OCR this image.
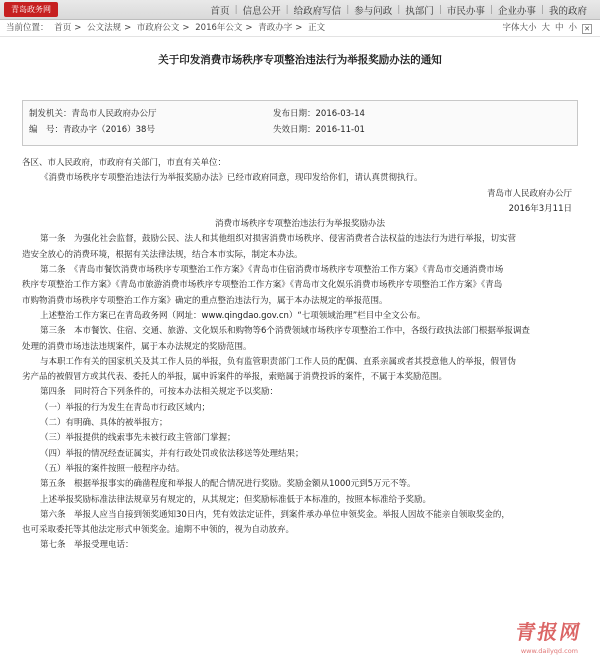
青岛政务网	首页 | 信息公开 | 给政府写信 | 参与问政 | 执部门 | 市民办事 | 企业办事 | 我的政府
当前位置： 首页 > 公文法规 > 市政府公文 > 2016年公文 > 青政办字 > 正文	字体大小 大 中 小 ✕
关于印发消费市场秩序专项整治违法行为举报奖励办法的通知
制发机关：青岛市人民政府办公厅	发布日期：2016-03-14
编　号：青政办字（2016）38号	失效日期：2016-11-01

各区、市人民政府，市政府有关部门，市直有关单位：

《消费市场秩序专项整治违法行为举报奖励办法》已经市政府同意，现印发给你们，请认真贯彻执行。

青岛市人民政府办公厅

2016年3月11日

消费市场秩序专项整治违法行为举报奖励办法

第一条　为强化社会监督，鼓励公民、法人和其他组织对损害消费市场秩序、侵害消费者合法权益的违法行为进行举报，切实营

造安全放心的消费环境，根据有关法律法规，结合本市实际，制定本办法。

第二条　《青岛市餐饮消费市场秩序专项整治工作方案》《青岛市住宿消费市场秩序专项整治工作方案》《青岛市交通消费市场

秩序专项整治工作方案》《青岛市旅游消费市场秩序专项整治工作方案》《青岛市文化娱乐消费市场秩序专项整治工作方案》《青岛

市购物消费市场秩序专项整治工作方案》确定的重点整治违法行为，属于本办法规定的举报范围。

上述整治工作方案已在青岛政务网（网址：www.qingdao.gov.cn）“七项领域治理”栏目中全文公布。

第三条　本市餐饮、住宿、交通、旅游、文化娱乐和购物等6个消费领域市场秩序专项整治工作中，各级行政执法部门根据举报调查

处理的消费市场违法违规案件，属于本办法规定的奖励范围。

与本职工作有关的国家机关及其工作人员的举报，负有监管职责部门工作人员的配偶、直系亲属或者其授意他人的举报，假冒伪

劣产品的被假冒方或其代表、委托人的举报，属申诉案件的举报，索赔属于消费投诉的案件，不属于本奖励范围。

第四条　同时符合下列条件的，可按本办法相关规定予以奖励：

（一）举报的行为发生在青岛市行政区域内；

（二）有明确、具体的被举报方；

（三）举报提供的线索事先未被行政主管部门掌握；

（四）举报的情况经查证属实，并有行政处罚或依法移送等处理结果；

（五）举报的案件按照一般程序办结。

第五条　根据举报事实的确凿程度和举报人的配合情况进行奖励。奖励金额从1000元到5万元不等。

上述举报奖励标准法律法规章另有规定的，从其规定；但奖励标准低于本标准的，按照本标准给予奖励。

第六条　举报人应当自接到领奖通知30日内，凭有效法定证件，到案件承办单位申领奖金。举报人因故不能亲自领取奖金的，

也可采取委托等其他法定形式申领奖金。逾期不申领的，视为自动放弃。

第七条　举报受理电话：

青报网
www.dailyqd.com
